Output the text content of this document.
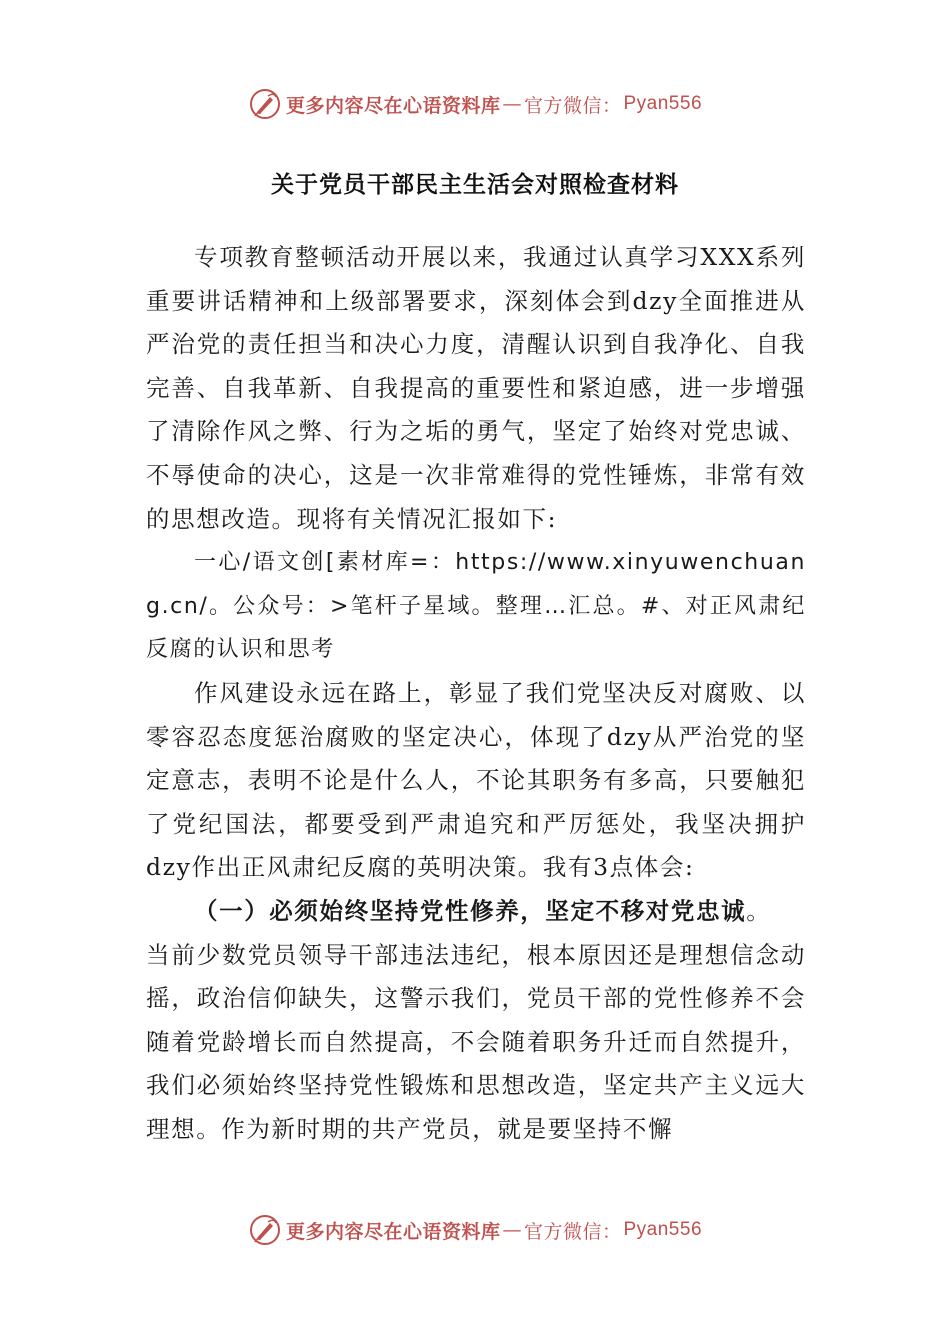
更多内容尽在心语资料库 — 官方微信： Pyan556
关于党员干部民主生活会对照检查材料

专项教育整顿活动开展以来，我通过认真学习XXX系列重要讲话精神和上级部署要求，深刻体会到dzy全面推进从严治党的责任担当和决心力度，清醒认识到自我净化、自我完善、自我革新、自我提高的重要性和紧迫感，进一步增强了清除作风之弊、行为之垢的勇气，坚定了始终对党忠诚、不辱使命的决心，这是一次非常难得的党性锤炼，非常有效的思想改造。现将有关情况汇报如下:

一心/语文创[素材库=：https://www.xinyuwenchuang.cn/。公众号：>笔杆子星域。整理…汇总。#、对正风肃纪反腐的认识和思考

作风建设永远在路上，彰显了我们党坚决反对腐败、以零容忍态度惩治腐败的坚定决心，体现了dzy从严治党的坚定意志，表明不论是什么人，不论其职务有多高，只要触犯了党纪国法，都要受到严肃追究和严厉惩处，我坚决拥护dzy作出正风肃纪反腐的英明决策。我有3点体会:

（一）必须始终坚持党性修养，坚定不移对党忠诚。

当前少数党员领导干部违法违纪，根本原因还是理想信念动摇，政治信仰缺失，这警示我们，党员干部的党性修养不会随着党龄增长而自然提高，不会随着职务升迁而自然提升，我们必须始终坚持党性锻炼和思想改造，坚定共产主义远大理想。作为新时期的共产党员，就是要坚持不懈

更多内容尽在心语资料库 — 官方微信： Pyan556
